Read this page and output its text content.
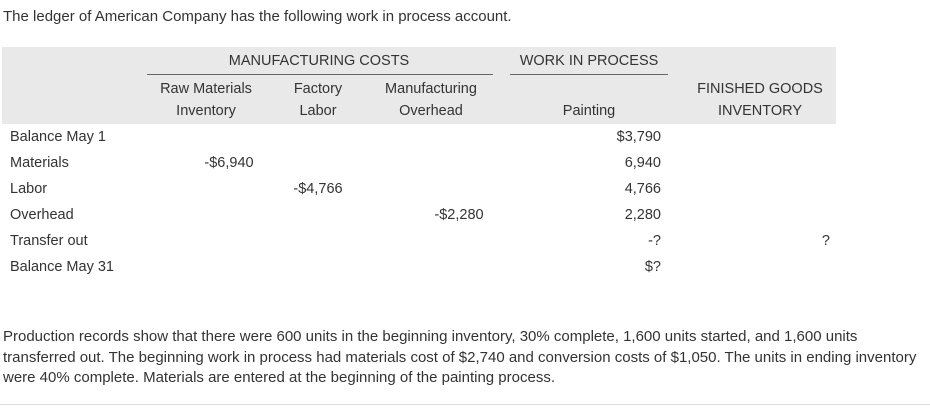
The ledger of American Company has the following work in process account.
MANUFACTURING COSTS	WORK IN PROCESS
Raw Materials
Inventory
Factory
Labor
Manufacturing
Overhead	Painting
FINISHED GOODS
INVENTORY
Balance May 1
Materials
Labor
Overhead
Transfer out
Balance May 31
-$6,940
-$4,766
-$2,280
$3,790
6,940
4,766
2,280
-?
$?
?
Production records show that there were 600 units in the beginning inventory, 30% complete, 1,600 units started, and 1,600 units transferred out. The beginning work in process had materials cost of $2,740 and conversion costs of $1,050. The units in ending inventory were 40% complete. Materials are entered at the beginning of the painting process.
